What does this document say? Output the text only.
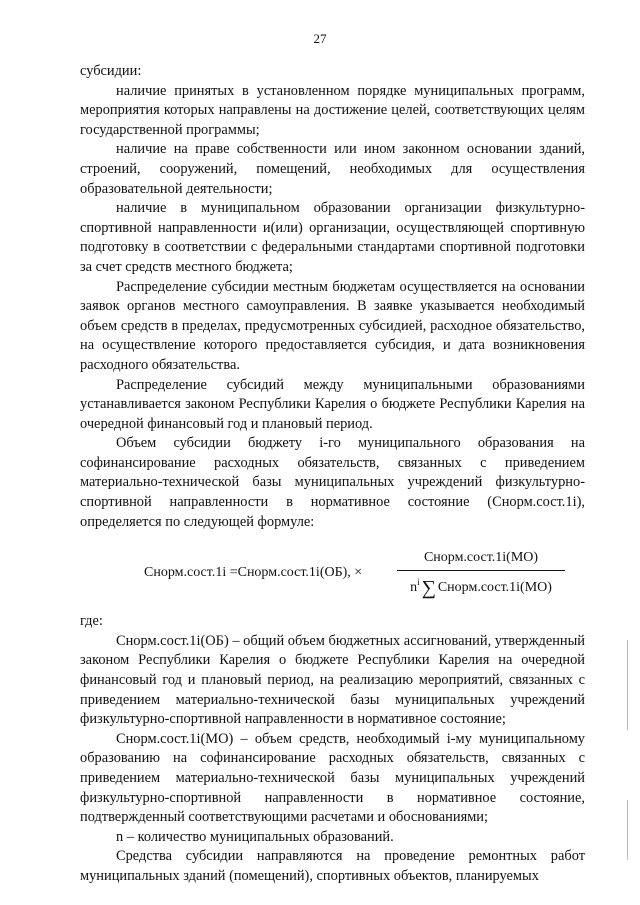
27

субсидии:

наличие принятых в установленном порядке муниципальных программ, мероприятия которых направлены на достижение целей, соответствующих целям государственной программы;

наличие на праве собственности или ином законном основании зданий, строений, сооружений, помещений, необходимых для осуществления образовательной деятельности;

наличие в муниципальном образовании организации физкультурно-спортивной направленности и(или) организации, осуществляющей спортивную подготовку в соответствии с федеральными стандартами спортивной подготовки за счет средств местного бюджета;

Распределение субсидии местным бюджетам осуществляется на основании заявок органов местного самоуправления. В заявке указывается необходимый объем средств в пределах, предусмотренных субсидией, расходное обязательство, на осуществление которого предоставляется субсидия, и дата возникновения расходного обязательства.

Распределение субсидий между муниципальными образованиями устанавливается законом Республики Карелия о бюджете Республики Карелия на очередной финансовый год и плановый период.

Объем субсидии бюджету i-го муниципального образования на софинансирование расходных обязательств, связанных с приведением материально-технической базы муниципальных учреждений физкультурно-спортивной направленности в нормативное состояние (Снорм.сост.1i), определяется по следующей формуле:

Снорм.сост.1i =Снорм.сост.1i(ОБ), ×
Снорм.сост.1i(МО)
$n^i$ ∑ Снорм.сост.1i(МО)

где:

Снорм.сост.1i(ОБ) – общий объем бюджетных ассигнований, утвержденный законом Республики Карелия о бюджете Республики Карелия на очередной финансовый год и плановый период, на реализацию мероприятий, связанных с приведением материально-технической базы муниципальных учреждений физкультурно-спортивной направленности в нормативное состояние;

Снорм.сост.1i(МО) – объем средств, необходимый i-му муниципальному образованию на софинансирование расходных обязательств, связанных с приведением материально-технической базы муниципальных учреждений физкультурно-спортивной направленности в нормативное состояние, подтвержденный соответствующими расчетами и обоснованиями;

n – количество муниципальных образований.

Средства субсидии направляются на проведение ремонтных работ муниципальных зданий (помещений), спортивных объектов, планируемых
